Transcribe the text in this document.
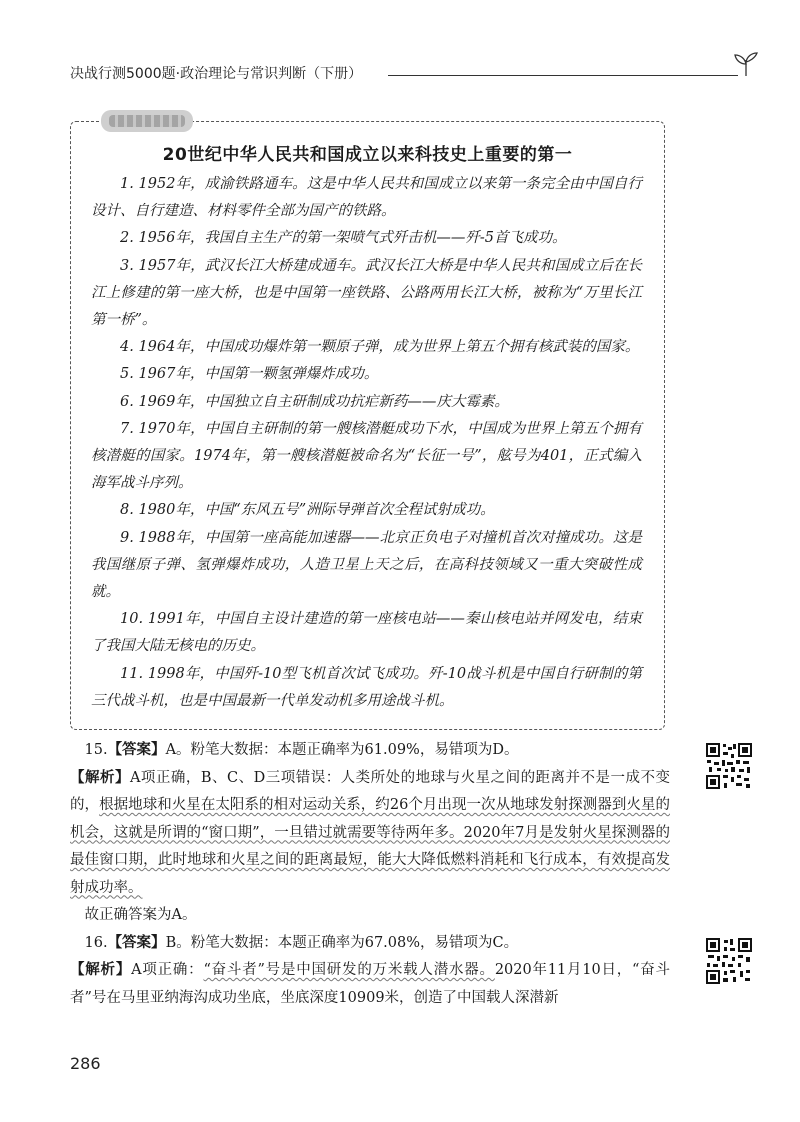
决战行测5000题·政治理论与常识判断（下册）
20世纪中华人民共和国成立以来科技史上重要的第一

1. 1952年，成渝铁路通车。这是中华人民共和国成立以来第一条完全由中国自行设计、自行建造、材料零件全部为国产的铁路。

2. 1956年，我国自主生产的第一架喷气式歼击机——歼-5首飞成功。

3. 1957年，武汉长江大桥建成通车。武汉长江大桥是中华人民共和国成立后在长江上修建的第一座大桥，也是中国第一座铁路、公路两用长江大桥，被称为“万里长江第一桥”。

4. 1964年，中国成功爆炸第一颗原子弹，成为世界上第五个拥有核武装的国家。

5. 1967年，中国第一颗氢弹爆炸成功。

6. 1969年，中国独立自主研制成功抗疟新药——庆大霉素。

7. 1970年，中国自主研制的第一艘核潜艇成功下水，中国成为世界上第五个拥有核潜艇的国家。1974年，第一艘核潜艇被命名为“长征一号”，舷号为401，正式编入海军战斗序列。

8. 1980年，中国“东风五号”洲际导弹首次全程试射成功。

9. 1988年，中国第一座高能加速器——北京正负电子对撞机首次对撞成功。这是我国继原子弹、氢弹爆炸成功，人造卫星上天之后，在高科技领域又一重大突破性成就。

10. 1991年，中国自主设计建造的第一座核电站——秦山核电站并网发电，结束了我国大陆无核电的历史。

11. 1998年，中国歼-10型飞机首次试飞成功。歼-10战斗机是中国自行研制的第三代战斗机，也是中国最新一代单发动机多用途战斗机。

15.【答案】A。粉笔大数据：本题正确率为61.09%，易错项为D。

【解析】A项正确，B、C、D三项错误：人类所处的地球与火星之间的距离并不是一成不变的，根据地球和火星在太阳系的相对运动关系，约26个月出现一次从地球发射探测器到火星的机会，这就是所谓的“窗口期”，一旦错过就需要等待两年多。2020年7月是发射火星探测器的最佳窗口期，此时地球和火星之间的距离最短，能大大降低燃料消耗和飞行成本，有效提高发射成功率。

故正确答案为A。

16.【答案】B。粉笔大数据：本题正确率为67.08%，易错项为C。

【解析】A项正确：“奋斗者”号是中国研发的万米载人潜水器。2020年11月10日，“奋斗者”号在马里亚纳海沟成功坐底，坐底深度10909米，创造了中国载人深潜新

286
